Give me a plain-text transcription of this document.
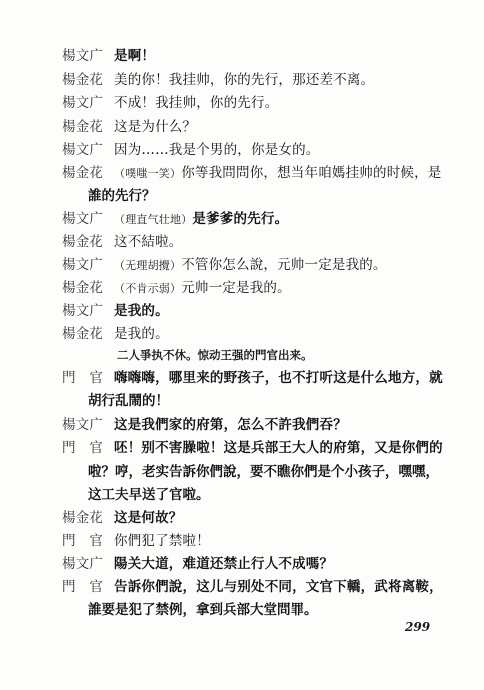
楊文广 是啊！
楊金花 美的你！我挂帅，你的先行，那还差不离。
楊文广 不成！我挂帅，你的先行。
楊金花 这是为什么？
楊文广 因为……我是个男的，你是女的。
楊金花 （噗嗤一笑）你等我問問你，想当年咱媽挂帅的时候，是
誰的先行？
楊文广 （理直气壮地）是爹爹的先行。
楊金花 这不結啦。
楊文广 （无理胡攪）不管你怎么說，元帅一定是我的。
楊金花 （不肯示弱）元帅一定是我的。
楊文广 是我的。
楊金花 是我的。
二人爭执不休。惊动王强的門官出来。
門　官 嗨嗨嗨，哪里来的野孩子，也不打听这是什么地方，就
胡行乱鬧的！
楊文广 这是我們家的府第，怎么不許我們吞？
門　官 呸！别不害臊啦！这是兵部王大人的府第，又是你們的
啦？哼，老实告訴你們說，要不瞧你們是个小孩子，嘿嘿，
这工夫早送了官啦。
楊金花 这是何故？
門　官 你們犯了禁啦！
楊文广 陽关大道，难道还禁止行人不成嗎？
門　官 告訴你們說，这儿与别处不同，文官下轎，武将离鞍，
誰要是犯了禁例，拿到兵部大堂問罪。
299
